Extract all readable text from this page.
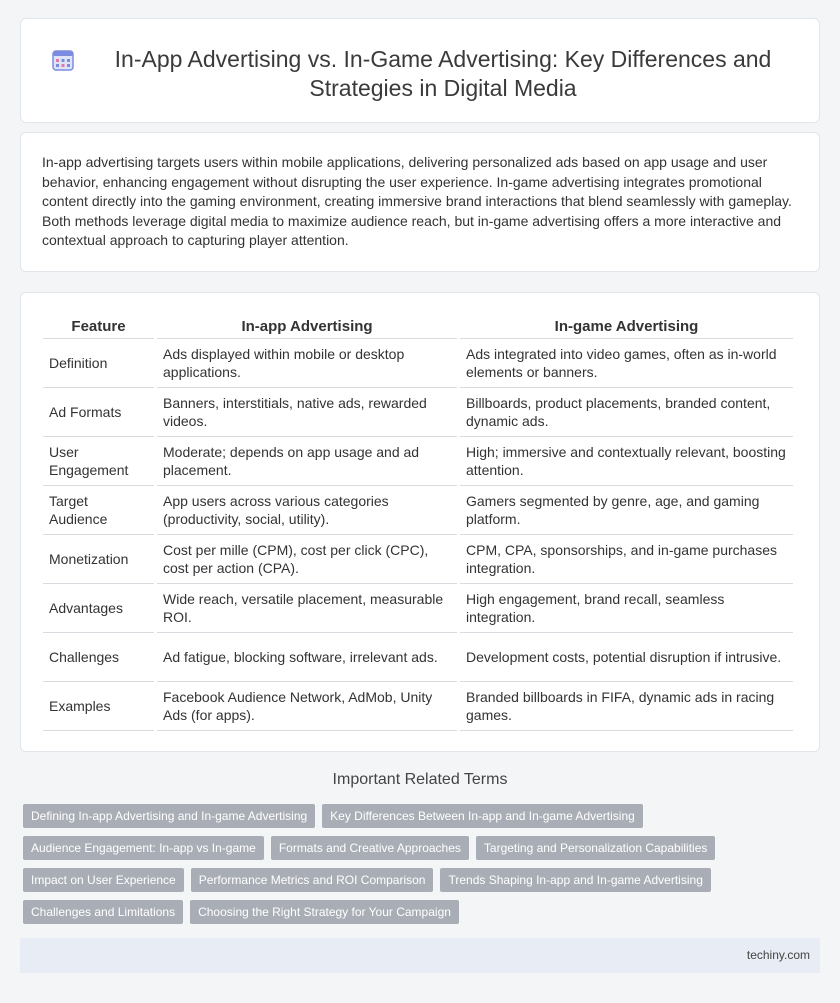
In-App Advertising vs. In-Game Advertising: Key Differences and Strategies in Digital Media

In-app advertising targets users within mobile applications, delivering personalized ads based on app usage and user behavior, enhancing engagement without disrupting the user experience. In-game advertising integrates promotional content directly into the gaming environment, creating immersive brand interactions that blend seamlessly with gameplay. Both methods leverage digital media to maximize audience reach, but in-game advertising offers a more interactive and contextual approach to capturing player attention.

Feature	In-app Advertising	In-game Advertising
Definition	Ads displayed within mobile or desktop applications.	Ads integrated into video games, often as in-world elements or banners.
Ad Formats	Banners, interstitials, native ads, rewarded videos.	Billboards, product placements, branded content, dynamic ads.
User Engagement	Moderate; depends on app usage and ad placement.	High; immersive and contextually relevant, boosting attention.
Target Audience	App users across various categories (productivity, social, utility).	Gamers segmented by genre, age, and gaming platform.
Monetization	Cost per mille (CPM), cost per click (CPC), cost per action (CPA).	CPM, CPA, sponsorships, and in-game purchases integration.
Advantages	Wide reach, versatile placement, measurable ROI.	High engagement, brand recall, seamless integration.
Challenges	Ad fatigue, blocking software, irrelevant ads.	Development costs, potential disruption if intrusive.
Examples	Facebook Audience Network, AdMob, Unity Ads (for apps).	Branded billboards in FIFA, dynamic ads in racing games.
Important Related Terms
Defining In-app Advertising and In-game Advertising	Key Differences Between In-app and In-game Advertising
Audience Engagement: In-app vs In-game	Formats and Creative Approaches	Targeting and Personalization Capabilities
Impact on User Experience	Performance Metrics and ROI Comparison	Trends Shaping In-app and In-game Advertising
Challenges and Limitations	Choosing the Right Strategy for Your Campaign
techiny.com
